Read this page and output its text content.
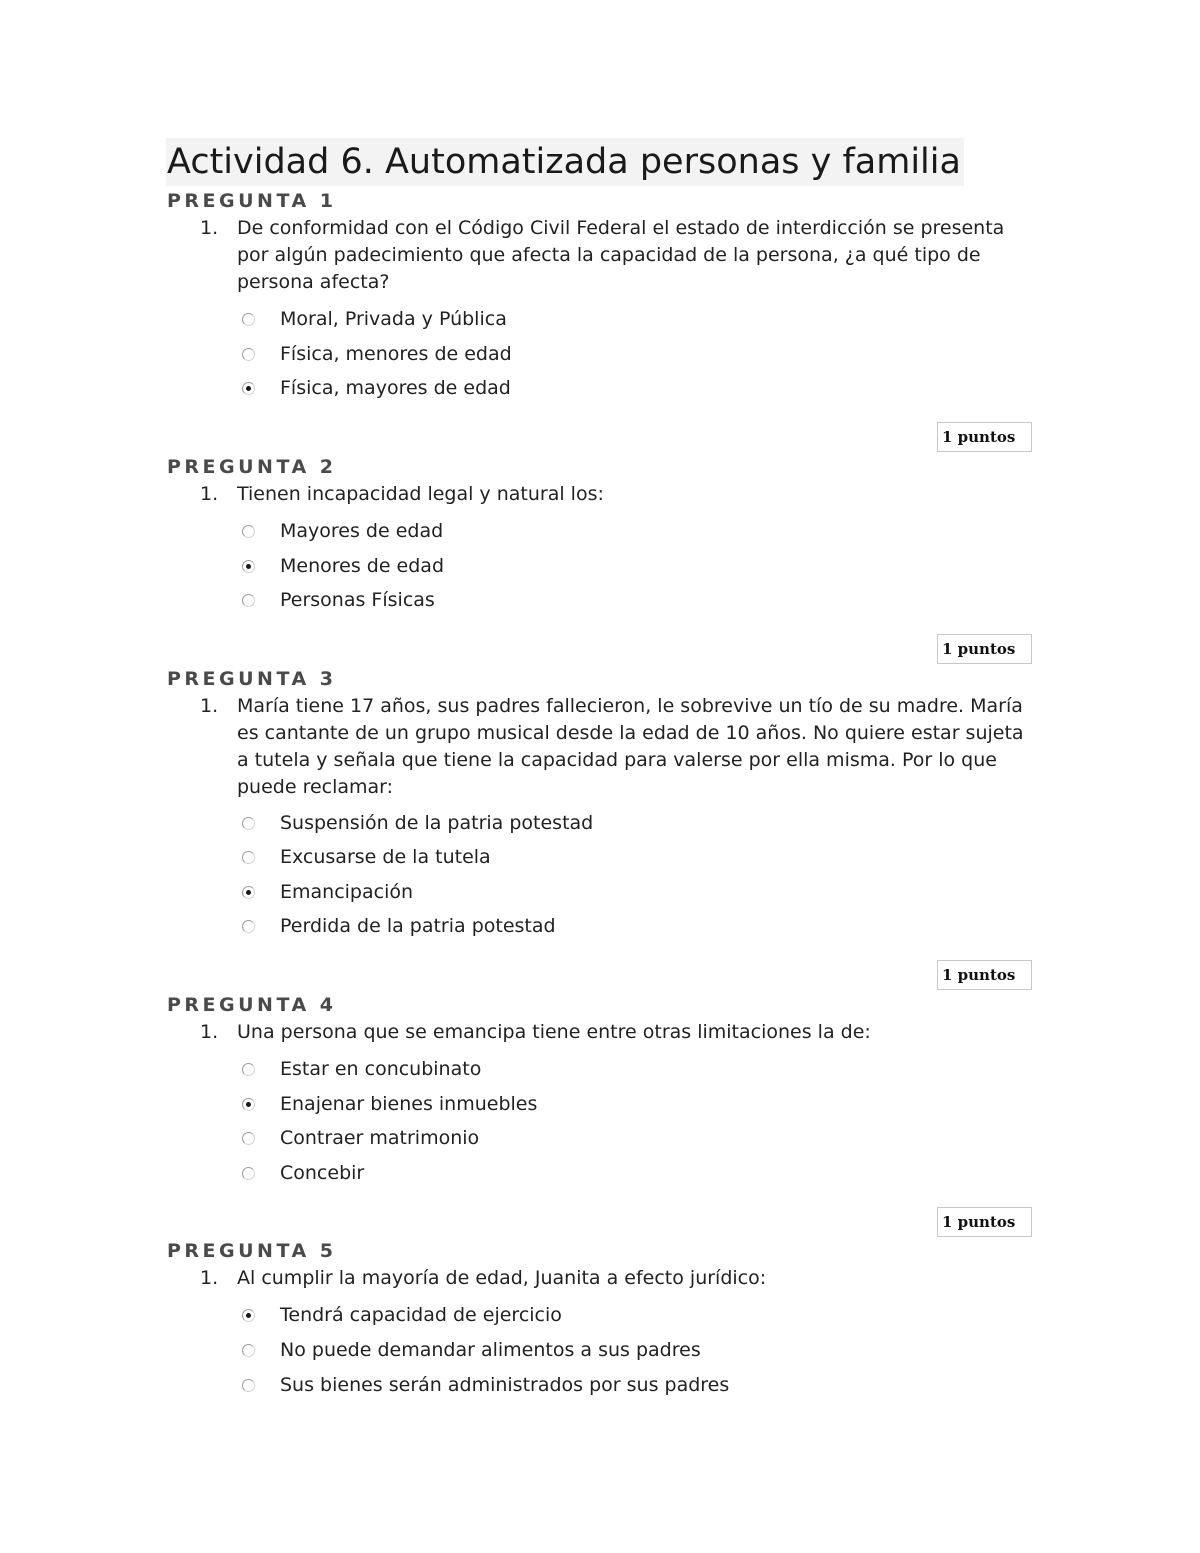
Actividad 6. Automatizada personas y familia
PREGUNTA 1
1. De conformidad con el Código Civil Federal el estado de interdicción se presenta por algún padecimiento que afecta la capacidad de la persona, ¿a qué tipo de persona afecta?
Moral, Privada y Pública
Física, menores de edad
Física, mayores de edad
1 puntos
PREGUNTA 2
1. Tienen incapacidad legal y natural los:
Mayores de edad
Menores de edad
Personas Físicas
1 puntos
PREGUNTA 3
1. María tiene 17 años, sus padres fallecieron, le sobrevive un tío de su madre. María es cantante de un grupo musical desde la edad de 10 años. No quiere estar sujeta a tutela y señala que tiene la capacidad para valerse por ella misma. Por lo que puede reclamar:
Suspensión de la patria potestad
Excusarse de la tutela
Emancipación
Perdida de la patria potestad
1 puntos
PREGUNTA 4
1. Una persona que se emancipa tiene entre otras limitaciones la de:
Estar en concubinato
Enajenar bienes inmuebles
Contraer matrimonio
Concebir
1 puntos
PREGUNTA 5
1. Al cumplir la mayoría de edad, Juanita a efecto jurídico:
Tendrá capacidad de ejercicio
No puede demandar alimentos a sus padres
Sus bienes serán administrados por sus padres
